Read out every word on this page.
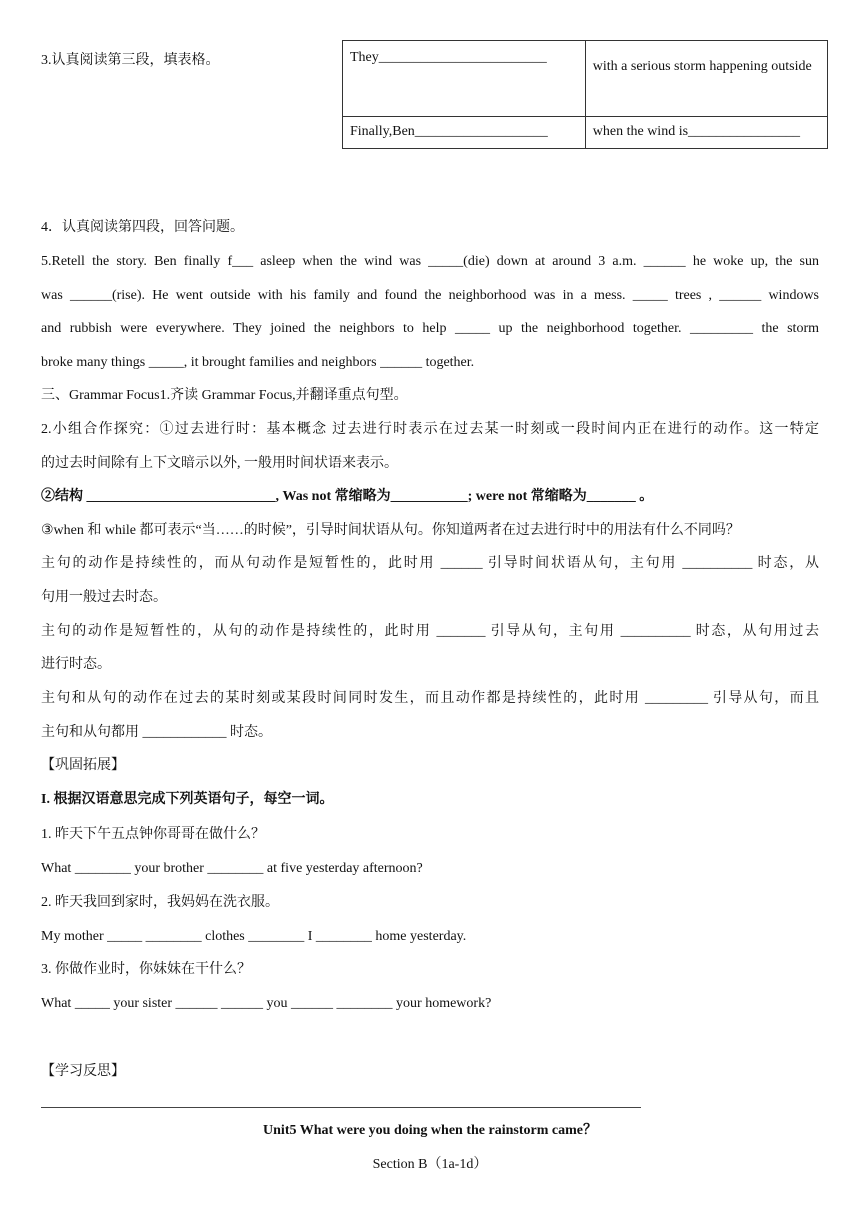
3.认真阅读第三段，填表格。	They________________________	with a serious storm happening outside
Finally,Ben___________________	when the wind is________________
4．认真阅读第四段，回答问题。
5.Retell the story. Ben finally f___ asleep when the wind was _____(die) down at around 3 a.m. ______ he woke up, the sun
was ______(rise). He went outside with his family and found the neighborhood was in a mess. _____ trees , ______ windows
and rubbish were everywhere. They joined the neighbors to help _____ up the neighborhood together. _________ the storm
broke many things _____, it brought families and neighbors ______ together.
三、Grammar Focus1.齐读 Grammar Focus,并翻译重点句型。
2.小组合作探究：①过去进行时：基本概念 过去进行时表示在过去某一时刻或一段时间内正在进行的动作。这一特定
的过去时间除有上下文暗示以外, 一般用时间状语来表示。
②结构 ___________________________, Was not 常缩略为___________; were not 常缩略为_______ 。
③when 和 while 都可表示“当……的时候”，引导时间状语从句。你知道两者在过去进行时中的用法有什么不同吗？
主句的动作是持续性的，而从句动作是短暂性的，此时用 ______ 引导时间状语从句，主句用 __________ 时态，从
句用一般过去时态。
主句的动作是短暂性的，从句的动作是持续性的，此时用 _______ 引导从句，主句用 __________ 时态，从句用过去
进行时态。
主句和从句的动作在过去的某时刻或某段时间同时发生，而且动作都是持续性的，此时用 _________ 引导从句，而且
主句和从句都用 ____________ 时态。
【巩固拓展】
I. 根据汉语意思完成下列英语句子，每空一词。
1. 昨天下午五点钟你哥哥在做什么？
What ________ your brother ________ at five yesterday afternoon?
2. 昨天我回到家时，我妈妈在洗衣服。
My mother _____ ________ clothes ________ I ________ home yesterday.
3. 你做作业时，你妹妹在干什么？
What _____ your sister ______ ______ you ______ ________ your homework?
【学习反思】
Unit5 What were you doing when the rainstorm came？
Section B（1a-1d）
